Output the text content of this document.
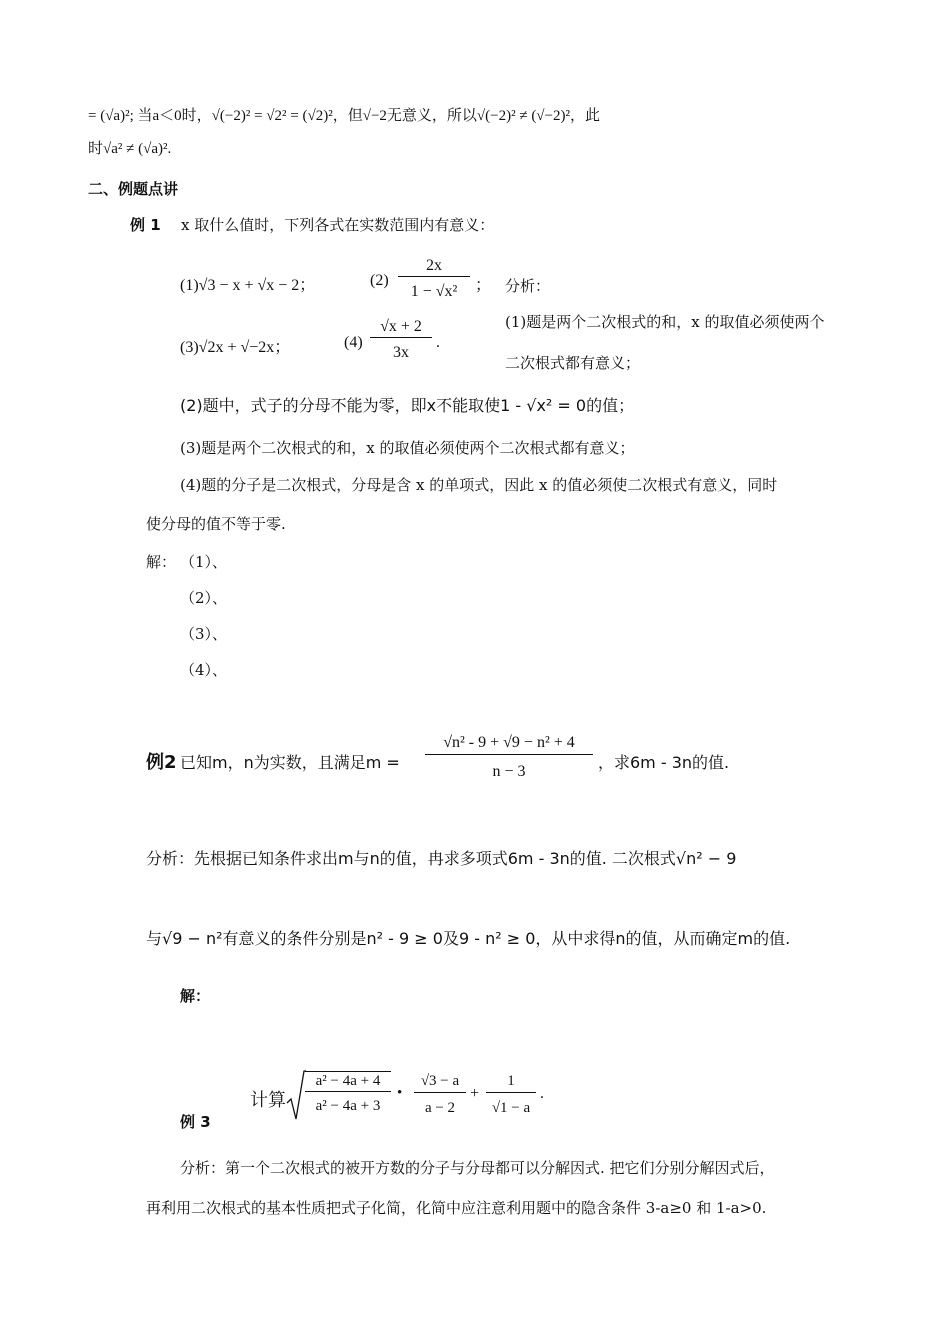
= (√a)²; 当a＜0时，√(−2)² = √2² = (√2)²，但√−2无意义，所以√(−2)² ≠ (√−2)²，此
时√a² ≠ (√a)².
二、例题点讲
例 1 x 取什么值时，下列各式在实数范围内有意义：
(1)√3 − x + √x − 2；	(2)
2x
1 − √x²	；
(3)√2x + √−2x；	(4)
√x + 2
3x
.
分析：
(1)题是两个二次根式的和，x 的取值必须使两个
二次根式都有意义；
(2)题中，式子的分母不能为零，即x不能取使1 - √x² = 0的值；
(3)题是两个二次根式的和，x 的取值必须使两个二次根式都有意义；
(4)题的分子是二次根式，分母是含 x 的单项式，因此 x 的值必须使二次根式有意义，同时
使分母的值不等于零.
解： （1）、
（2）、
（3）、
（4）、
例2 已知m，n为实数，且满足m =
√n² - 9 + √9 − n² + 4
n − 3	，求6m - 3n的值.
分析：先根据已知条件求出m与n的值，冉求多项式6m - 3n的值. 二次根式√n² − 9
与√9 − n²有意义的条件分别是n² - 9 ≥ 0及9 - n² ≥ 0，从中求得n的值，从而确定m的值.
解：
计算
a² − 4a + 4
a² − 4a + 3
•
√3 − a
a − 2
+
1
√1 − a
.
例 3
分析：第一个二次根式的被开方数的分子与分母都可以分解因式. 把它们分别分解因式后，
再利用二次根式的基本性质把式子化简，化简中应注意利用题中的隐含条件 3-a≥0 和 1-a>0.
